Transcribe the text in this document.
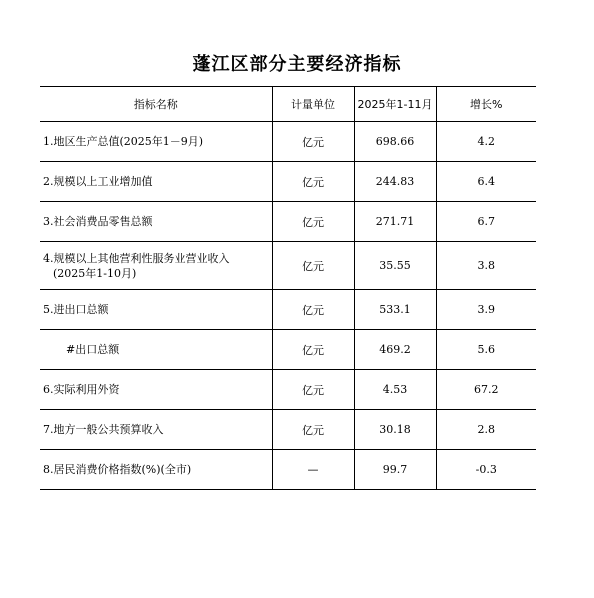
蓬江区部分主要经济指标
指标名称	计量单位	2025年1-11月	增长%
1.地区生产总值(2025年1－9月)	亿元	698.66	4.2
2.规模以上工业增加值	亿元	244.83	6.4
3.社会消费品零售总额	亿元	271.71	6.7
4.规模以上其他营利性服务业营业收入
(2025年1-10月)	亿元	35.55	3.8
5.进出口总额	亿元	533.1	3.9
#出口总额	亿元	469.2	5.6
6.实际利用外资	亿元	4.53	67.2
7.地方一般公共预算收入	亿元	30.18	2.8
8.居民消费价格指数(%)(全市)	—	99.7	-0.3
